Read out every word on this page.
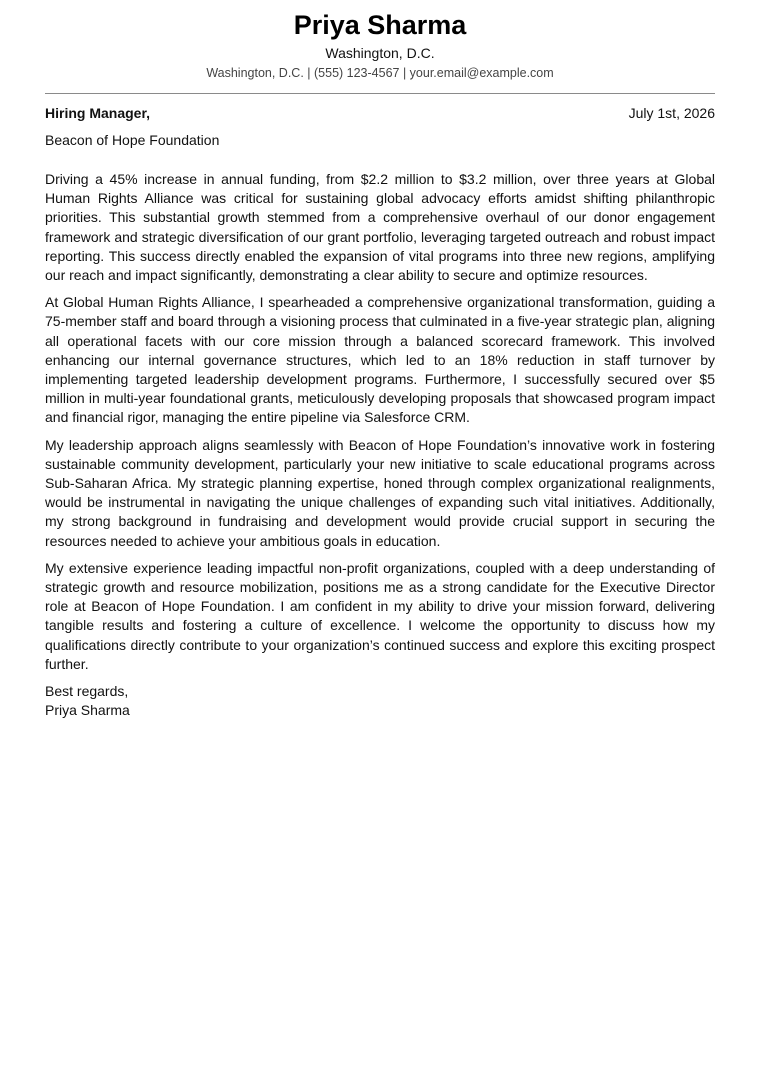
Priya Sharma
Washington, D.C.
Washington, D.C. | (555) 123-4567 | your.email@example.com
Hiring Manager,	July 1st, 2026
Beacon of Hope Foundation

Driving a 45% increase in annual funding, from $2.2 million to $3.2 million, over three years at Global Human Rights Alliance was critical for sustaining global advocacy efforts amidst shifting philanthropic priorities. This substantial growth stemmed from a comprehensive overhaul of our donor engagement framework and strategic diversification of our grant portfolio, leveraging targeted outreach and robust impact reporting. This success directly enabled the expansion of vital programs into three new regions, amplifying our reach and impact significantly, demonstrating a clear ability to secure and optimize resources.

At Global Human Rights Alliance, I spearheaded a comprehensive organizational transformation, guiding a 75-member staff and board through a visioning process that culminated in a five-year strategic plan, aligning all operational facets with our core mission through a balanced scorecard framework. This involved enhancing our internal governance structures, which led to an 18% reduction in staff turnover by implementing targeted leadership development programs. Furthermore, I successfully secured over $5 million in multi-year foundational grants, meticulously developing proposals that showcased program impact and financial rigor, managing the entire pipeline via Salesforce CRM.

My leadership approach aligns seamlessly with Beacon of Hope Foundation’s innovative work in fostering sustainable community development, particularly your new initiative to scale educational programs across Sub-Saharan Africa. My strategic planning expertise, honed through complex organizational realignments, would be instrumental in navigating the unique challenges of expanding such vital initiatives. Additionally, my strong background in fundraising and development would provide crucial support in securing the resources needed to achieve your ambitious goals in education.

My extensive experience leading impactful non-profit organizations, coupled with a deep understanding of strategic growth and resource mobilization, positions me as a strong candidate for the Executive Director role at Beacon of Hope Foundation. I am confident in my ability to drive your mission forward, delivering tangible results and fostering a culture of excellence. I welcome the opportunity to discuss how my qualifications directly contribute to your organization’s continued success and explore this exciting prospect further.

Best regards,
Priya Sharma
